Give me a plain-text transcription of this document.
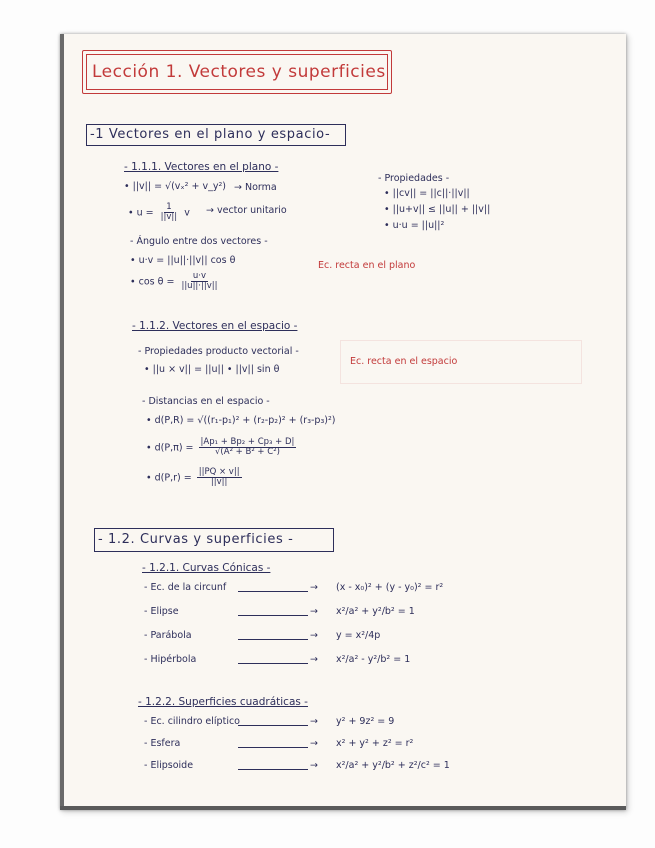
Lección 1. Vectores y superficies
-1 Vectores en el plano y espacio-
- 1.1.1. Vectores en el plano -
• ||v|| = √(vₓ² + v_y²) → Norma
• $u = \frac{1}{||v||}$ v → vector unitario
- Ángulo entre dos vectores -
• u·v = ||u||·||v|| cos θ
• $\cos \theta = \frac{u\cdot v}{||u||\cdot||v||}$
- Propiedades -
• ||cv|| = ||c||·||v||
• ||u+v|| ≤ ||u|| + ||v||
• u·u = ||u||²
Ec. recta en el plano
- 1.1.2. Vectores en el espacio -
- Propiedades producto vectorial -
• ||u × v|| = ||u|| • ||v|| sin θ
Ec. recta en el espacio
- Distancias en el espacio -
• d(P,R) = √((r₁-p₁)² + (r₂-p₂)² + (r₃-p₃)²)
• $d(P,\pi) = \frac{\text{|Ap₁ + Bp₂ + Cp₃ + D|}}{\text{√(A² + B² + C²)}}$
• $d(P,r) = \frac{||PQ \times v||}{||v||}$
- 1.2. Curvas y superficies -
- 1.2.1. Curvas Cónicas -
- Ec. de la circunf	→ (x - x₀)² + (y - y₀)² = r²
- Elipse	→ x²/a² + y²/b² = 1
- Parábola	→ y = x²/4p
- Hipérbola	→ x²/a² - y²/b² = 1
- 1.2.2. Superficies cuadráticas -
- Ec. cilindro elíptico	→ y² + 9z² = 9
- Esfera	→ x² + y² + z² = r²
- Elipsoide	→ x²/a² + y²/b² + z²/c² = 1
